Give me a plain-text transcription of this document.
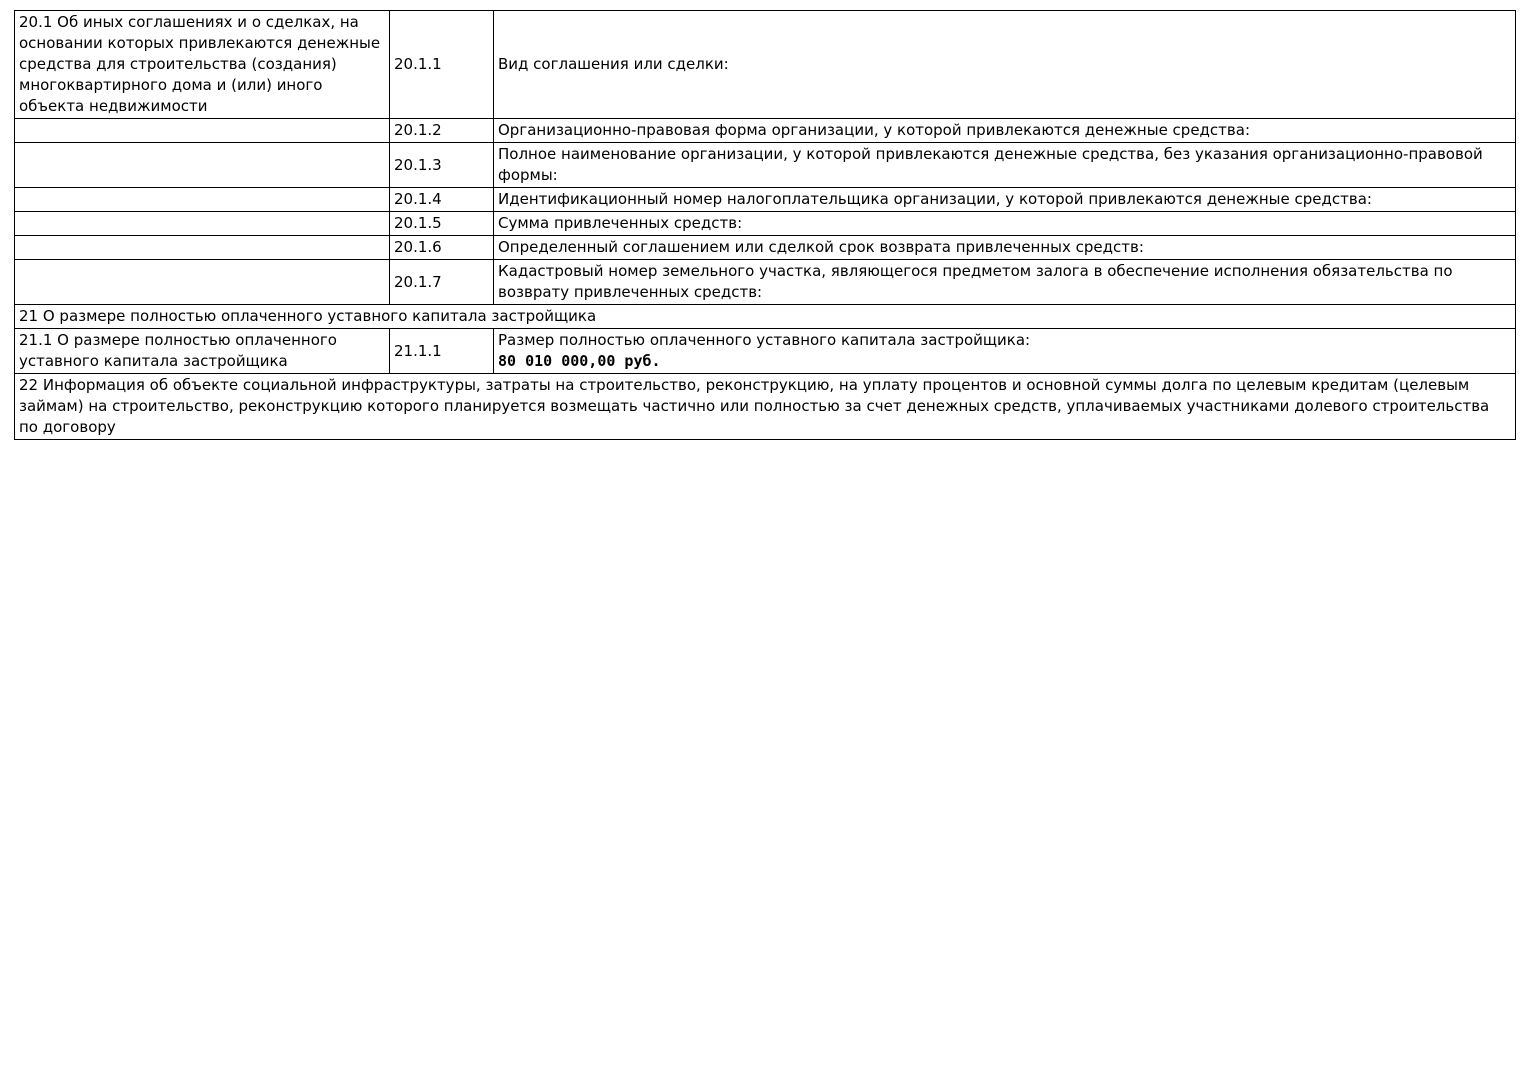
20.1 Об иных соглашениях и о сделках, на основании которых привлекаются денежные средства для строительства (создания) многоквартирного дома и (или) иного объекта недвижимости	20.1.1	Вид соглашения или сделки:
	20.1.2	Организационно-правовая форма организации, у которой привлекаются денежные средства:
	20.1.3	Полное наименование организации, у которой привлекаются денежные средства, без указания организационно-правовой формы:
	20.1.4	Идентификационный номер налогоплательщика организации, у которой привлекаются денежные средства:
	20.1.5	Сумма привлеченных средств:
	20.1.6	Определенный соглашением или сделкой срок возврата привлеченных средств:
	20.1.7	Кадастровый номер земельного участка, являющегося предметом залога в обеспечение исполнения обязательства по возврату привлеченных средств:
21 О размере полностью оплаченного уставного капитала застройщика		
21.1 О размере полностью оплаченного уставного капитала застройщика	21.1.1	Размер полностью оплаченного уставного капитала застройщика:
80 010 000,00 руб.

22 Информация об объекте социальной инфраструктуры, затраты на строительство, реконструкцию, на уплату процентов и основной суммы долга по целевым кредитам (целевым займам) на строительство, реконструкцию которого планируется возмещать частично или полностью за счет денежных средств, уплачиваемых участниками долевого строительства по договору		
